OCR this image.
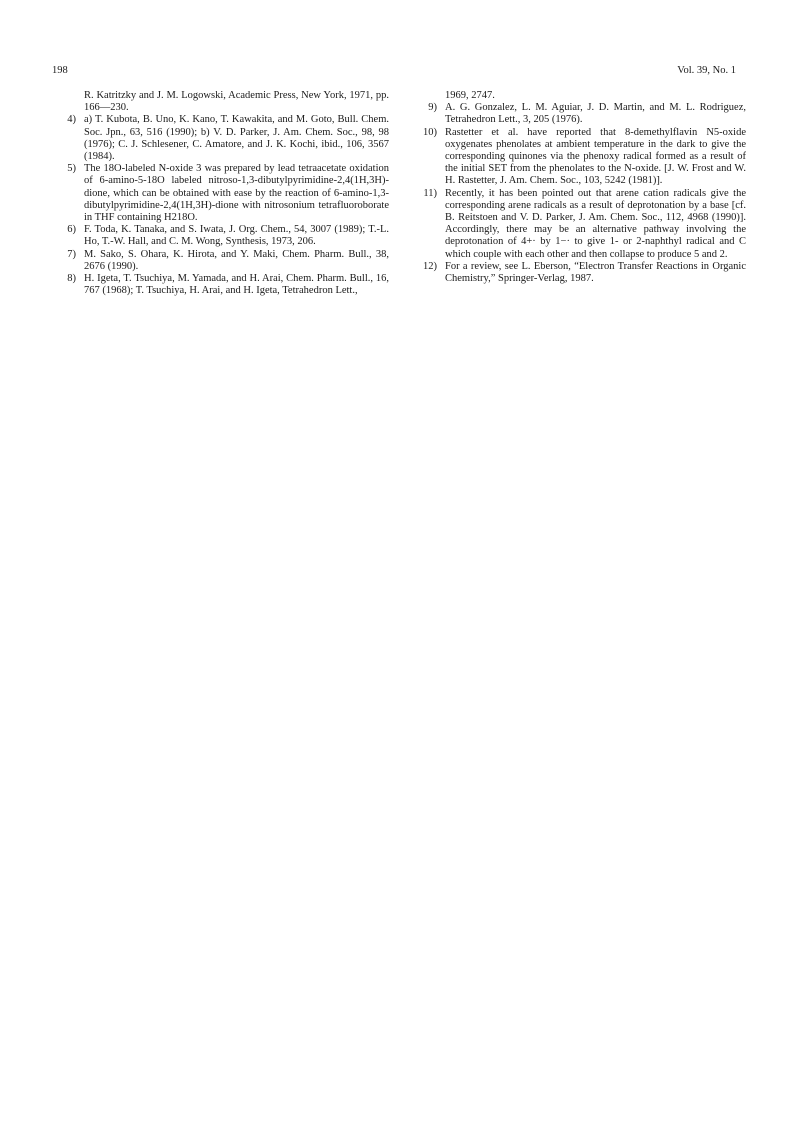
198	Vol. 39, No. 1
R. Katritzky and J. M. Logowski, Academic Press, New York, 1971, pp. 166—230.
4) a) T. Kubota, B. Uno, K. Kano, T. Kawakita, and M. Goto, Bull. Chem. Soc. Jpn., 63, 516 (1990); b) V. D. Parker, J. Am. Chem. Soc., 98, 98 (1976); C. J. Schlesener, C. Amatore, and J. K. Kochi, ibid., 106, 3567 (1984).
5) The 18O-labeled N-oxide 3 was prepared by lead tetraacetate oxidation of 6-amino-5-18O labeled nitroso-1,3-dibutylpyrimidine-2,4(1H,3H)-dione, which can be obtained with ease by the reaction of 6-amino-1,3-dibutylpyrimidine-2,4(1H,3H)-dione with nitrosonium tetrafluoroborate in THF containing H218O.
6) F. Toda, K. Tanaka, and S. Iwata, J. Org. Chem., 54, 3007 (1989); T.-L. Ho, T.-W. Hall, and C. M. Wong, Synthesis, 1973, 206.
7) M. Sako, S. Ohara, K. Hirota, and Y. Maki, Chem. Pharm. Bull., 38, 2676 (1990).
8) H. Igeta, T. Tsuchiya, M. Yamada, and H. Arai, Chem. Pharm. Bull., 16, 767 (1968); T. Tsuchiya, H. Arai, and H. Igeta, Tetrahedron Lett.,
1969, 2747.
9) A. G. Gonzalez, L. M. Aguiar, J. D. Martin, and M. L. Rodriguez, Tetrahedron Lett., 3, 205 (1976).
10) Rastetter et al. have reported that 8-demethylflavin N5-oxide oxygenates phenolates at ambient temperature in the dark to give the corresponding quinones via the phenoxy radical formed as a result of the initial SET from the phenolates to the N-oxide. [J. W. Frost and W. H. Rastetter, J. Am. Chem. Soc., 103, 5242 (1981)].
11) Recently, it has been pointed out that arene cation radicals give the corresponding arene radicals as a result of deprotonation by a base [cf. B. Reitstoen and V. D. Parker, J. Am. Chem. Soc., 112, 4968 (1990)]. Accordingly, there may be an alternative pathway involving the deprotonation of 4+· by 1−· to give 1- or 2-naphthyl radical and C which couple with each other and then collapse to produce 5 and 2.
12) For a review, see L. Eberson, “Electron Transfer Reactions in Organic Chemistry,” Springer-Verlag, 1987.
